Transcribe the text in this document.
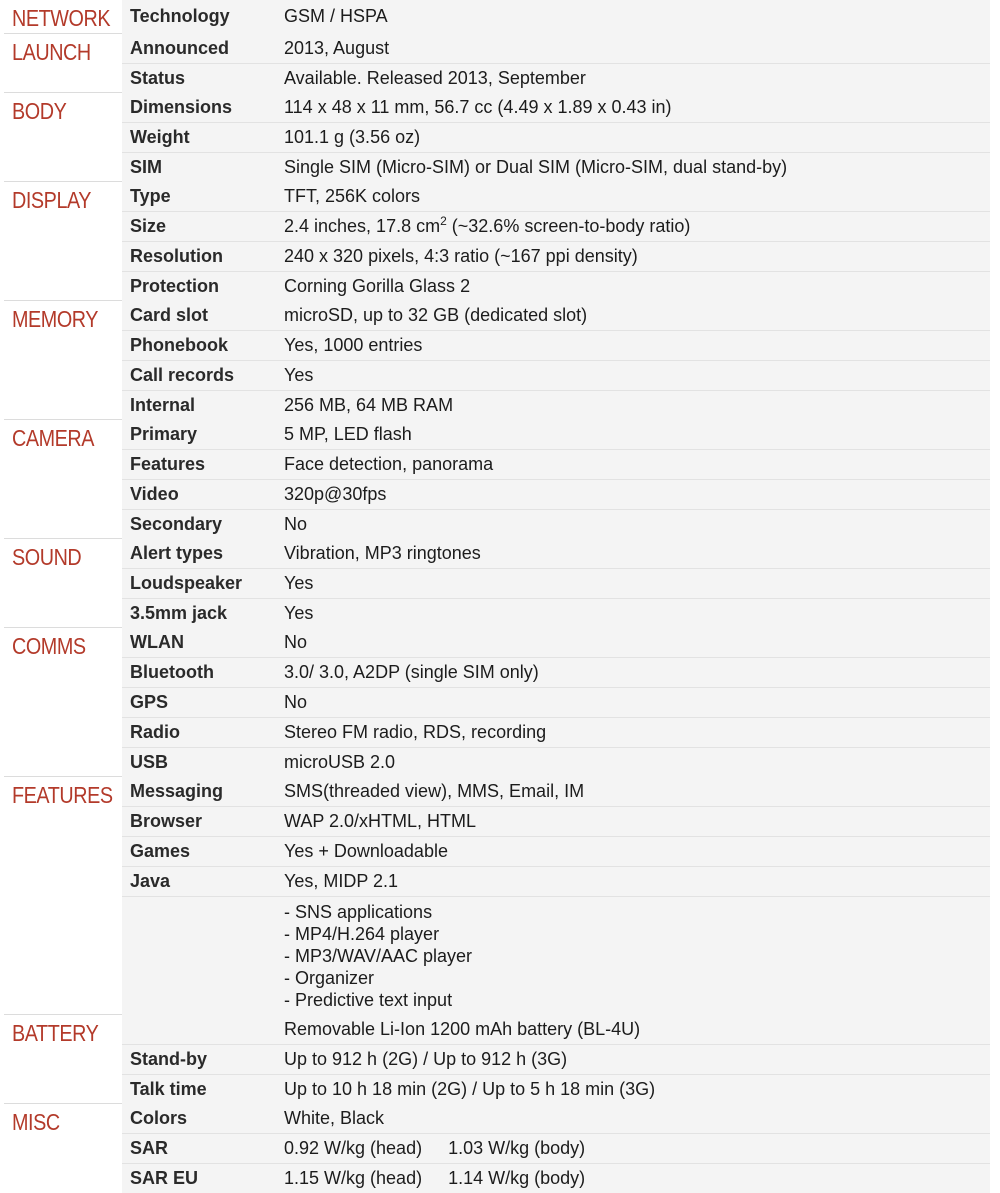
NETWORK	Technology	GSM / HSPA

LAUNCH	Announced	2013, August
	Status	Available. Released 2013, September

BODY	Dimensions	114 x 48 x 11 mm, 56.7 cc (4.49 x 1.89 x 0.43 in)
	Weight	101.1 g (3.56 oz)
	SIM	Single SIM (Micro-SIM) or Dual SIM (Micro-SIM, dual stand-by)

DISPLAY	Type	TFT, 256K colors
	Size	2.4 inches, 17.8 $cm^2$ (~32.6% screen-to-body ratio)
	Resolution	240 x 320 pixels, 4:3 ratio (~167 ppi density)
	Protection	Corning Gorilla Glass 2

MEMORY	Card slot	microSD, up to 32 GB (dedicated slot)
	Phonebook	Yes, 1000 entries
	Call records	Yes
	Internal	256 MB, 64 MB RAM

CAMERA	Primary	5 MP, LED flash
	Features	Face detection, panorama
	Video	320p@30fps
	Secondary	No

SOUND	Alert types	Vibration, MP3 ringtones
	Loudspeaker	Yes
	3.5mm jack	Yes

COMMS	WLAN	No
	Bluetooth	3.0/ 3.0, A2DP (single SIM only)
	GPS	No
	Radio	Stereo FM radio, RDS, recording
	USB	microUSB 2.0

FEATURES	Messaging	SMS(threaded view), MMS, Email, IM
	Browser	WAP 2.0/xHTML, HTML
	Games	Yes + Downloadable
	Java	Yes, MIDP 2.1

		- SNS applications
- MP4/H.264 player
- MP3/WAV/AAC player
- Organizer
- Predictive text input

BATTERY		Removable Li-Ion 1200 mAh battery (BL-4U)
	Stand-by	Up to 912 h (2G) / Up to 912 h (3G)
	Talk time	Up to 10 h 18 min (2G) / Up to 5 h 18 min (3G)

MISC	Colors	White, Black
	SAR	0.92 W/kg (head) 1.03 W/kg (body)
	SAR EU	1.15 W/kg (head) 1.14 W/kg (body)
